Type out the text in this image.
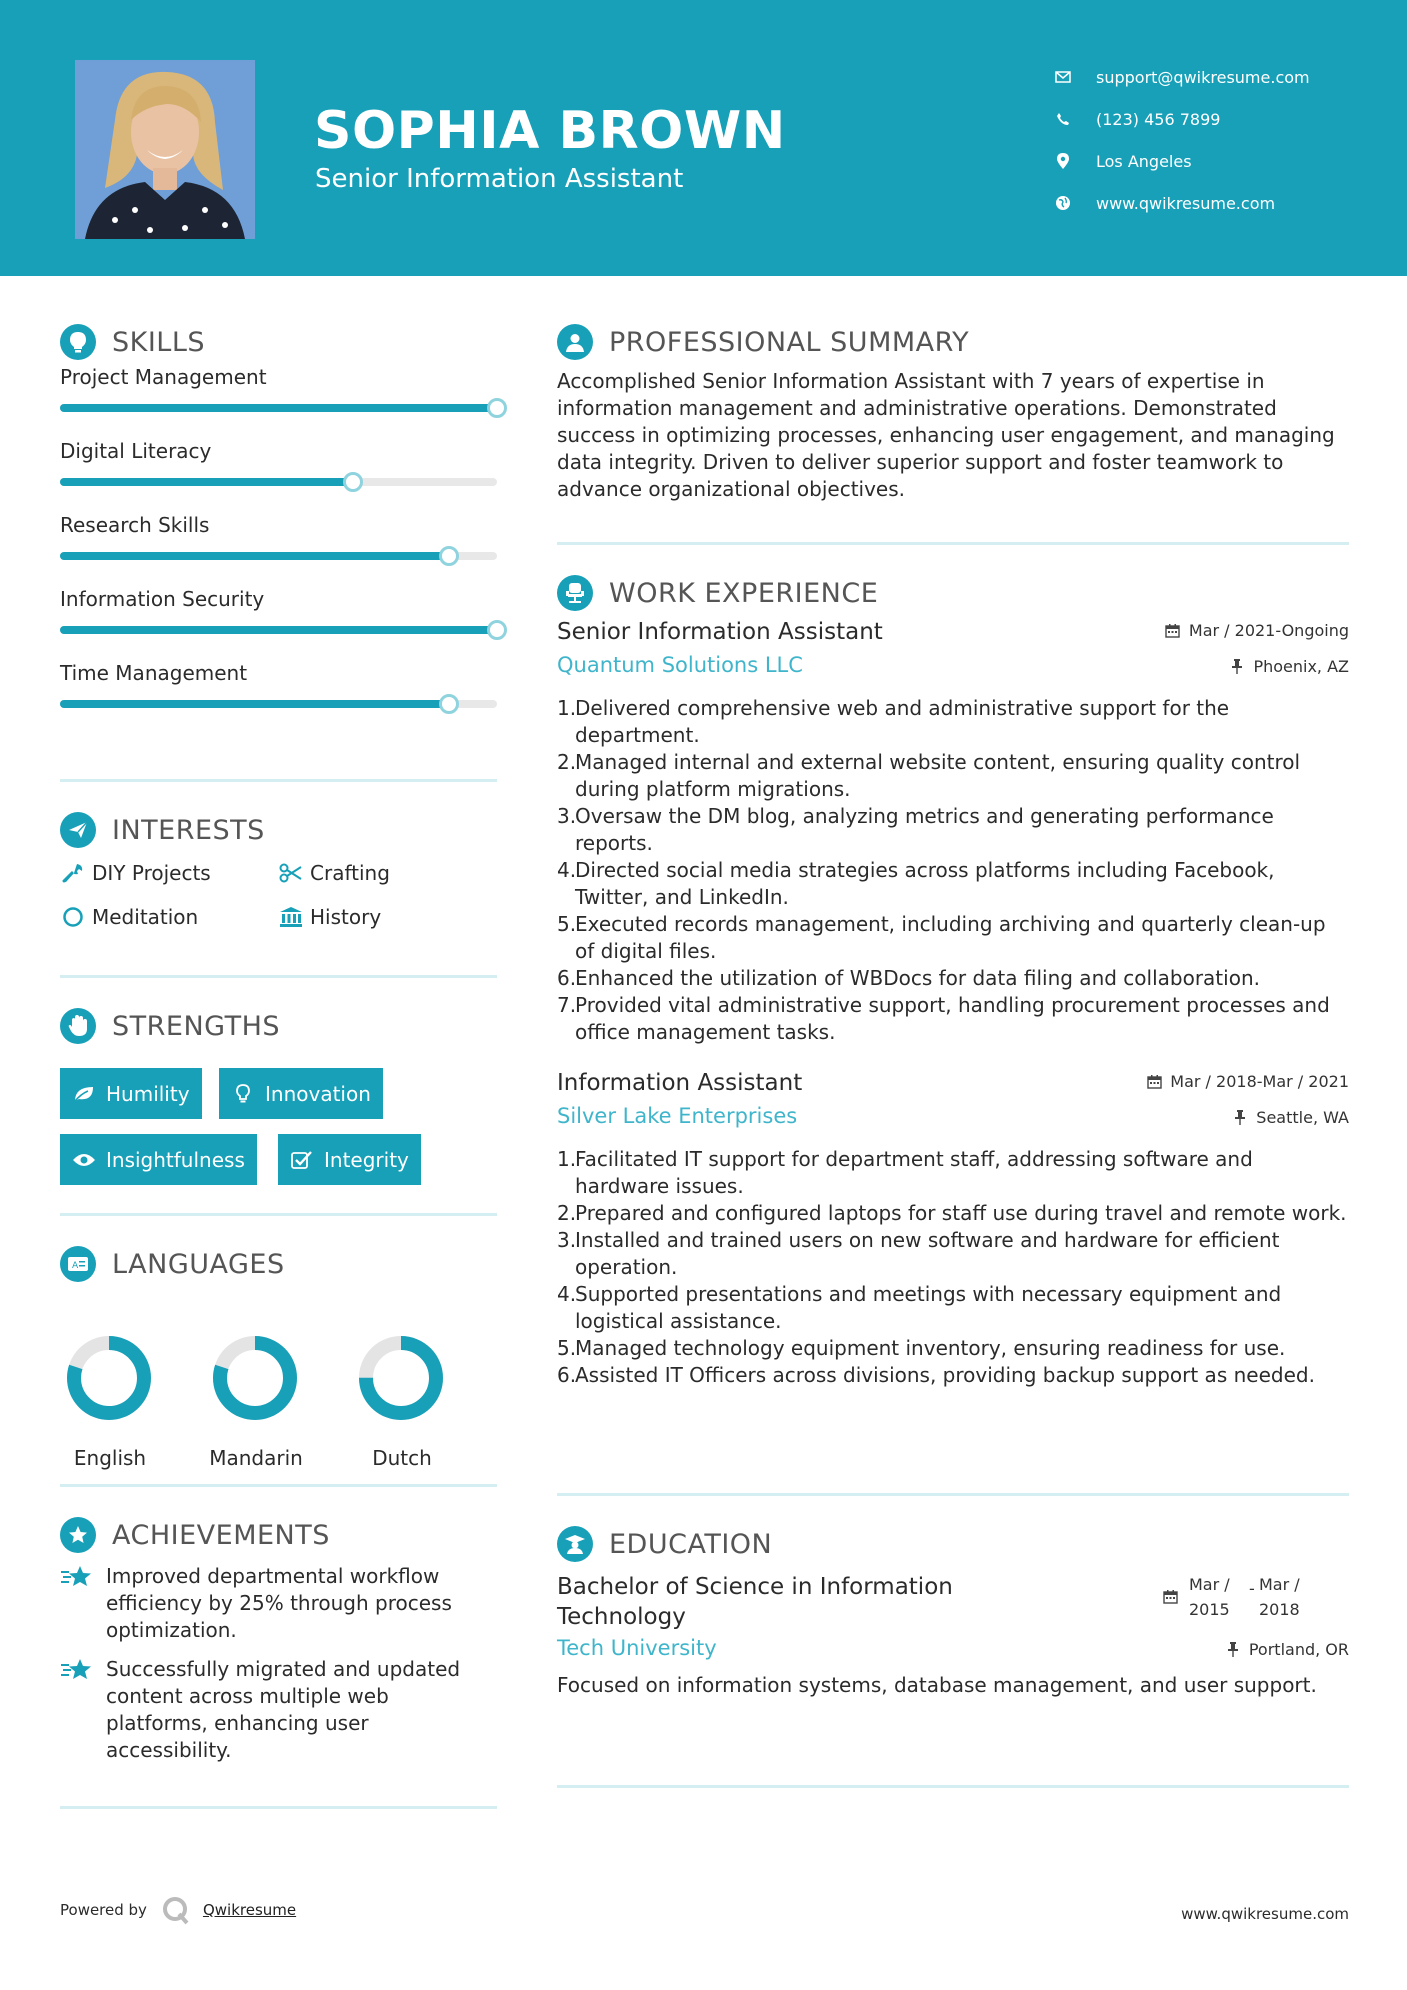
SOPHIA BROWN
Senior Information Assistant
support@qwikresume.com
(123) 456 7899
Los Angeles
www.qwikresume.com
SKILLS
Project Management
Digital Literacy
Research Skills
Information Security
Time Management
INTERESTS
DIY Projects	Crafting
Meditation	History
STRENGTHS
Humility	Innovation
Insightfulness	Integrity
A LANGUAGES
English	Mandarin	Dutch
ACHIEVEMENTS
Improved departmental workflow efficiency by 25% through process optimization.
Successfully migrated and updated content across multiple web platforms, enhancing user accessibility.
PROFESSIONAL SUMMARY

Accomplished Senior Information Assistant with 7 years of expertise in information management and administrative operations. Demonstrated success in optimizing processes, enhancing user engagement, and managing data integrity. Driven to deliver superior support and foster teamwork to advance organizational objectives.

WORK EXPERIENCE
Senior Information Assistant	Mar / 2021-Ongoing
Quantum Solutions LLC	Phoenix, AZ
1.
Delivered comprehensive web and administrative support for the department.
2.
Managed internal and external website content, ensuring quality control during platform migrations.
3.
Oversaw the DM blog, analyzing metrics and generating performance reports.
4.
Directed social media strategies across platforms including Facebook, Twitter, and LinkedIn.
5.
Executed records management, including archiving and quarterly clean-up of digital files.
6.
Enhanced the utilization of WBDocs for data filing and collaboration.
7.
Provided vital administrative support, handling procurement processes and office management tasks.
Information Assistant	Mar / 2018-Mar / 2021
Silver Lake Enterprises	Seattle, WA
1.
Facilitated IT support for department staff, addressing software and hardware issues.
2.
Prepared and configured laptops for staff use during travel and remote work.
3.
Installed and trained users on new software and hardware for efficient operation.
4.
Supported presentations and meetings with necessary equipment and logistical assistance.
5.
Managed technology equipment inventory, ensuring readiness for use.
6.
Assisted IT Officers across divisions, providing backup support as needed.
EDUCATION
Bachelor of Science in Information
Technology
Mar /
2015
- Mar /
2018
Tech University	Portland, OR

Focused on information systems, database management, and user support.

Powered by	Qwikresume	www.qwikresume.com
